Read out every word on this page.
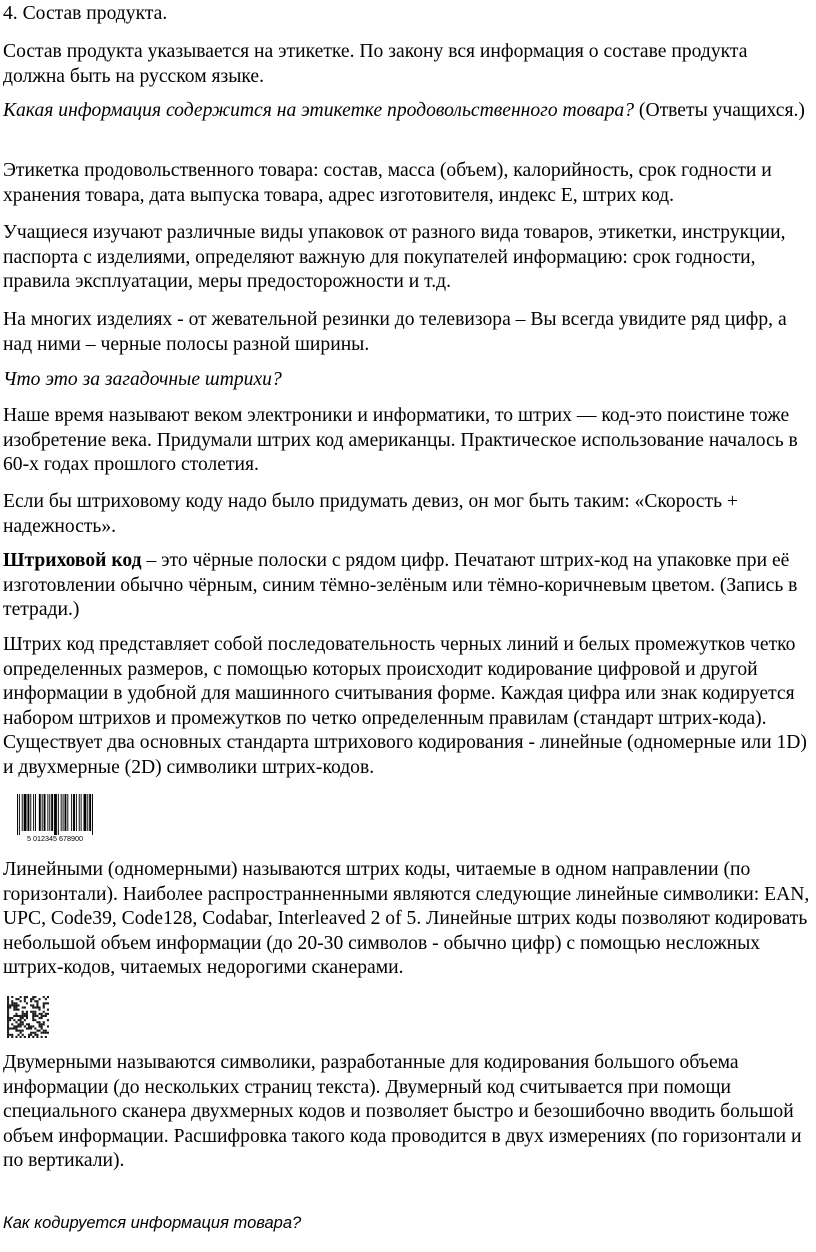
4. Состав продукта.

Состав продукта указывается на этикетке. По закону вся информация о составе продукта должна быть на русском языке.

Какая информация содержится на этикетке продовольственного товара? (Ответы учащихся.)

Этикетка продовольственного товара: состав, масса (объем), калорийность, срок годности и хранения товара, дата выпуска товара, адрес изготовителя, индекс Е, штрих код.

Учащиеся изучают различные виды упаковок от разного вида товаров, этикетки, инструкции, паспорта с изделиями, определяют важную для покупателей информацию: срок годности, правила эксплуатации, меры предосторожности и т.д.

На многих изделиях - от жевательной резинки до телевизора – Вы всегда увидите ряд цифр, а над ними – черные полосы разной ширины.

Что это за загадочные штрихи?

Наше время называют веком электроники и информатики, то штрих — код-это поистине тоже изобретение века. Придумали штрих код американцы. Практическое использование началось в 60-х годах прошлого столетия.

Если бы штриховому коду надо было придумать девиз, он мог быть таким: «Скорость + надежность».

Штриховой код – это чёрные полоски с рядом цифр. Печатают штрих-код на упаковке при её изготовлении обычно чёрным, синим тёмно-зелёным или тёмно-коричневым цветом. (Запись в тетради.)

Штрих код представляет собой последовательность черных линий и белых промежутков четко определенных размеров, с помощью которых происходит кодирование цифровой и другой информации в удобной для машинного считывания форме. Каждая цифра или знак кодируется набором штрихов и промежутков по четко определенным правилам (стандарт штрих-кода). Существует два основных стандарта штрихового кодирования - линейные (одномерные или 1D) и двухмерные (2D) символики штрих-кодов.

5 012345 678900

Линейными (одномерными) называются штрих коды, читаемые в одном направлении (по горизонтали). Наиболее распространненными являются следующие линейные символики: EAN, UPC, Code39, Code128, Codabar, Interleaved 2 of 5. Линейные штрих коды позволяют кодировать небольшой объем информации (до 20-30 символов - обычно цифр) с помощью несложных штрих-кодов, читаемых недорогими сканерами.

Двумерными называются символики, разработанные для кодирования большого объема информации (до нескольких страниц текста). Двумерный код считывается при помощи специального сканера двухмерных кодов и позволяет быстро и безошибочно вводить большой объем информации. Расшифровка такого кода проводится в двух измерениях (по горизонтали и по вертикали).

Как кодируется информация товара?
